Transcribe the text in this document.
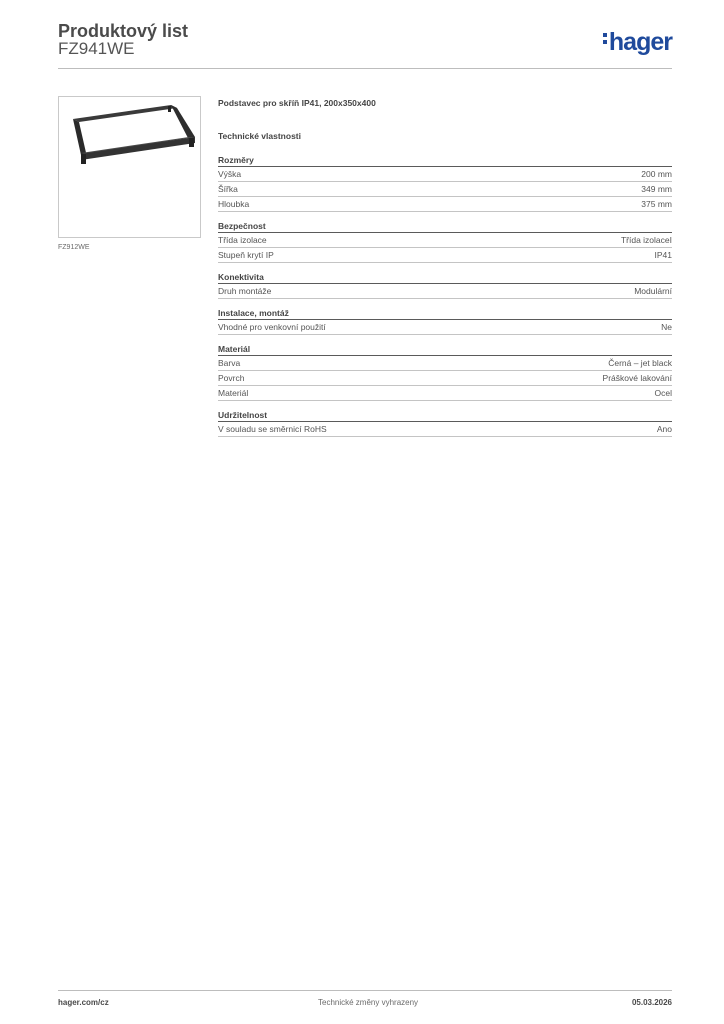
Produktový list
FZ941WE	hager
FZ912WE
Podstavec pro skříň IP41, 200x350x400
Technické vlastnosti
Rozměry
Výška	200 mm
Šířka	349 mm
Hloubka	375 mm
Bezpečnost
Třída izolace	Třída izolaceI
Stupeň krytí IP	IP41
Konektivita
Druh montáže	Modulární
Instalace, montáž
Vhodné pro venkovní použití	Ne
Materiál
Barva	Černá – jet black
Povrch	Práškové lakování
Materiál	Ocel
Udržitelnost
V souladu se směrnicí RoHS	Ano
hager.com/cz	Technické změny vyhrazeny	05.03.2026
